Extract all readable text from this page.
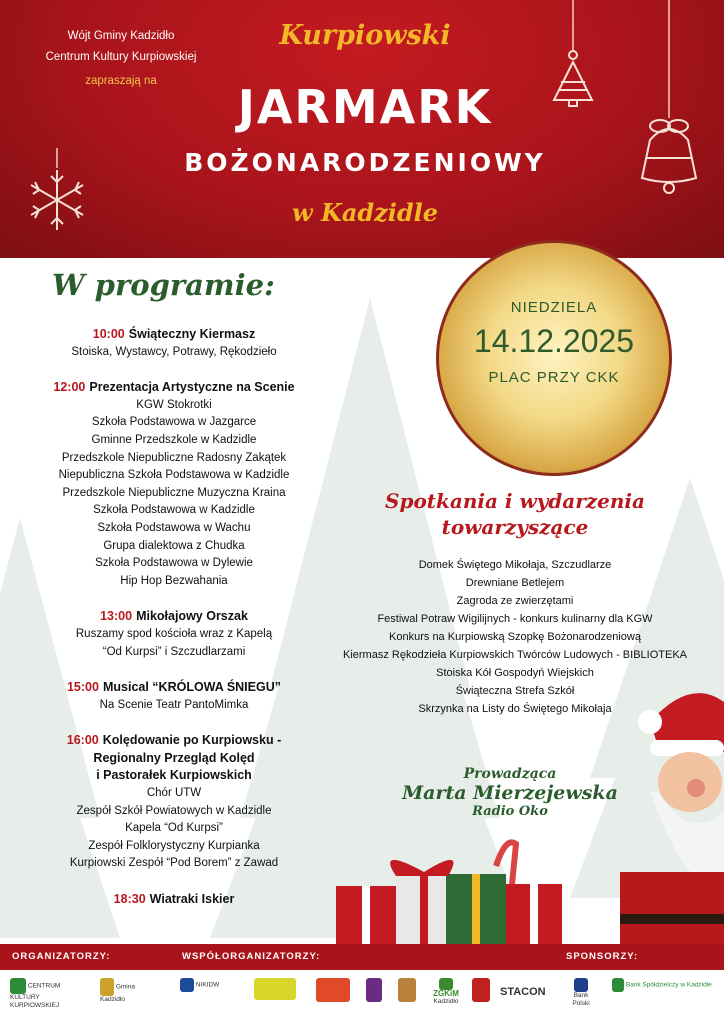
Wójt Gminy Kadzidło
Centrum Kultury Kurpiowskiej
zapraszają na
Kurpiowski
JARMARK
BOŻONARODZENIOWY
w Kadzidle
NIEDZIELA
14.12.2025
PLAC PRZY CKK
W programie:
10:00 Świąteczny Kiermasz
Stoiska, Wystawcy, Potrawy, Rękodzieło
12:00 Prezentacja Artystyczne na Scenie
KGW Stokrotki
Szkoła Podstawowa w Jazgarce
Gminne Przedszkole w Kadzidle
Przedszkole Niepubliczne Radosny Zakątek
Niepubliczna Szkoła Podstawowa w Kadzidle
Przedszkole Niepubliczne Muzyczna Kraina
Szkoła Podstawowa w Kadzidle
Szkoła Podstawowa w Wachu
Grupa dialektowa z Chudka
Szkoła Podstawowa w Dylewie
Hip Hop Bezwahania
13:00 Mikołajowy Orszak
Ruszamy spod kościoła wraz z Kapelą
“Od Kurpsi” i Szczudlarzami
15:00 Musical “KRÓLOWA ŚNIEGU”
Na Scenie Teatr PantoMimka
16:00 Kolędowanie po Kurpiowsku -
Regionalny Przegląd Kolęd
i Pastorałek Kurpiowskich
Chór UTW
Zespół Szkół Powiatowych w Kadzidle
Kapela “Od Kurpsi”
Zespół Folklorystyczny Kurpianka
Kurpiowski Zespół “Pod Borem” z Zawad
18:30 Wiatraki Iskier
Spotkania i wydarzenia
towarzyszące
Domek Świętego Mikołaja, Szczudlarze
Drewniane Betlejem
Zagroda ze zwierzętami
Festiwal Potraw Wigilijnych - konkurs kulinarny dla KGW
Konkurs na Kurpiowską Szopkę Bożonarodzeniową
Kiermasz Rękodzieła Kurpiowskich Twórców Ludowych - BIBLIOTEKA
Stoiska Kół Gospodyń Wiejskich
Świąteczna Strefa Szkół
Skrzynka na Listy do Świętego Mikołaja
Prowadząca
Marta Mierzejewska
Radio Oko
ORGANIZATORZY:	WSPÓŁORGANIZATORZY:	SPONSORZY:
CENTRUM KULTURY KURPIOWSKIEJ
Gmina Kadzidło
NIKIDW
ZGKiM
Kadzidło
STACON	Bank Polski
Bank Spółdzielczy w Kadzidle
